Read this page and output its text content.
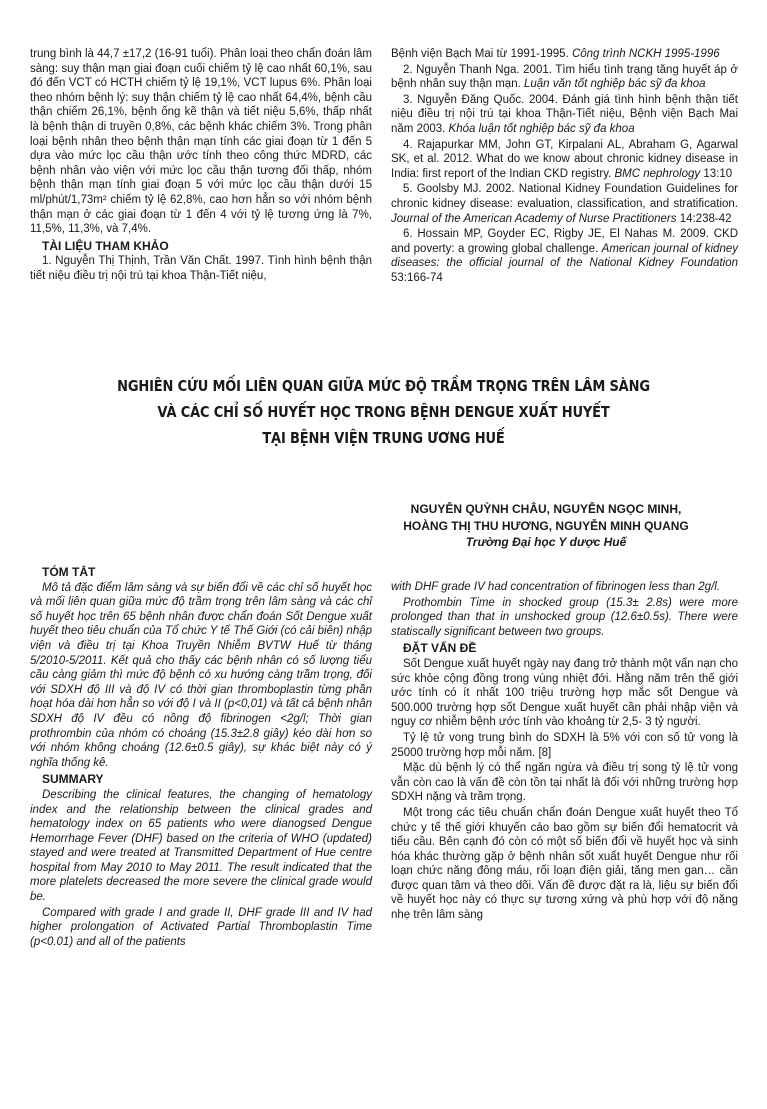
trung bình là 44,7 ±17,2 (16-91 tuổi). Phân loại theo chẩn đoán lâm sàng: suy thận mạn giai đoạn cuối chiếm tỷ lệ cao nhất 60,1%, sau đó đến VCT có HCTH chiếm tỷ lệ 19,1%, VCT lupus 6%. Phân loại theo nhóm bệnh lý: suy thận chiếm tỷ lệ cao nhất 64,4%, bệnh cầu thận chiếm 26,1%, bệnh ống kẽ thận và tiết niệu 5,6%, thấp nhất là bệnh thận di truyền 0,8%, các bệnh khác chiếm 3%. Trong phân loại bệnh nhân theo bệnh thận mạn tính các giai đoạn từ 1 đến 5 dựa vào mức lọc cầu thận ước tính theo công thức MDRD, các bệnh nhân vào viện với mức lọc cầu thận tương đối thấp, nhóm bệnh thận mạn tính giai đoạn 5 với mức lọc cầu thận dưới 15 ml/phút/1,73m² chiếm tỷ lệ 62,8%, cao hơn hẳn so với nhóm bệnh thận mạn ở các giai đoạn từ 1 đến 4 với tỷ lệ tương ứng là 7%, 11,5%, 11,3%, và 7,4%.

TÀI LIỆU THAM KHẢO

1. Nguyễn Thị Thịnh, Trần Văn Chất. 1997. Tình hình bệnh thận tiết niệu điều trị nội trú tại khoa Thận-Tiết niệu,

Bệnh viện Bạch Mai từ 1991-1995. Công trình NCKH 1995-1996

2. Nguyễn Thanh Nga. 2001. Tìm hiểu tình trạng tăng huyết áp ở bệnh nhân suy thận mạn. Luận văn tốt nghiệp bác sỹ đa khoa

3. Nguyễn Đăng Quốc. 2004. Đánh giá tình hình bệnh thận tiết niệu điều trị nội trú tại khoa Thận-Tiết niệu, Bệnh viện Bạch Mai năm 2003. Khóa luận tốt nghiệp bác sỹ đa khoa

4. Rajapurkar MM, John GT, Kirpalani AL, Abraham G, Agarwal SK, et al. 2012. What do we know about chronic kidney disease in India: first report of the Indian CKD registry. BMC nephrology 13:10

5. Goolsby MJ. 2002. National Kidney Foundation Guidelines for chronic kidney disease: evaluation, classification, and stratification. Journal of the American Academy of Nurse Practitioners 14:238-42

6. Hossain MP, Goyder EC, Rigby JE, El Nahas M. 2009. CKD and poverty: a growing global challenge. American journal of kidney diseases: the official journal of the National Kidney Foundation 53:166-74

NGHIÊN CỨU MỐI LIÊN QUAN GIỮA MỨC ĐỘ TRẦM TRỌNG TRÊN LÂM SÀNG
VÀ CÁC CHỈ SỐ HUYẾT HỌC TRONG BỆNH DENGUE XUẤT HUYẾT
TẠI BỆNH VIỆN TRUNG ƯƠNG HUẾ
NGUYỄN QUỲNH CHÂU, NGUYỄN NGỌC MINH,
HOÀNG THỊ THU HƯƠNG, NGUYỄN MINH QUANG
Trường Đại học Y dược Huế

TÓM TẮT

Mô tả đặc điểm lâm sàng và sự biến đổi về các chỉ số huyết học và mối liên quan giữa mức độ trầm trọng trên lâm sàng và các chỉ số huyết học trên 65 bệnh nhân được chẩn đoán Sốt Dengue xuất huyết theo tiêu chuẩn của Tổ chức Y tế Thế Giới (có cải biên) nhập viện và điều trị tại Khoa Truyền Nhiễm BVTW Huế từ tháng 5/2010-5/2011. Kết quả cho thấy các bệnh nhân có số lượng tiểu cầu càng giảm thì mức độ bệnh có xu hướng càng trầm trọng, đối với SDXH độ III và độ IV có thời gian thromboplastin từng phần hoạt hóa dài hơn hẳn so với độ I và II (p<0,01) và tất cả bệnh nhân SDXH độ IV đều có nồng độ fibrinogen <2g/l; Thời gian prothrombin của nhóm có choáng (15.3±2.8 giây) kéo dài hơn so với nhóm không choáng (12.6±0.5 giây), sự khác biệt này có ý nghĩa thống kê.

SUMMARY

Describing the clinical features, the changing of hematology index and the relationship between the clinical grades and hematology index on 65 patients who were dianogsed Dengue Hemorrhage Fever (DHF) based on the criteria of WHO (updated) stayed and were treated at Transmitted Department of Hue centre hospital from May 2010 to May 2011. The result indicated that the more platelets decreased the more severe the clinical grade would be.

Compared with grade I and grade II, DHF grade III and IV had higher prolongation of Activated Partial Thromboplastin Time (p<0.01) and all of the patients

with DHF grade IV had concentration of fibrinogen less than 2g/l.

Prothombin Time in shocked group (15.3± 2.8s) were more prolonged than that in unshocked group (12.6±0.5s). There were statiscally significant between two groups.

ĐẶT VẤN ĐỀ

Sốt Dengue xuất huyết ngày nay đang trở thành một vấn nạn cho sức khỏe cộng đồng trong vùng nhiệt đới. Hằng năm trên thế giới ước tính có ít nhất 100 triệu trường hợp mắc sốt Dengue và 500.000 trường hợp sốt Dengue xuất huyết cần phải nhập viện và nguy cơ nhiễm bệnh ước tính vào khoảng từ 2,5- 3 tỷ người.

Tỷ lệ tử vong trung bình do SDXH là 5% với con số tử vong là 25000 trường hợp mỗi năm. [8]

Mặc dù bệnh lý có thể ngăn ngừa và điều trị song tỷ lệ tử vong vẫn còn cao là vấn đề còn tồn tại nhất là đối với những trường hợp SDXH nặng và trầm trọng.

Một trong các tiêu chuẩn chẩn đoán Dengue xuất huyết theo Tổ chức y tế thế giới khuyến cáo bao gồm sự biến đổi hematocrit và tiểu cầu. Bên cạnh đó còn có một số biến đổi về huyết học và sinh hóa khác thường gặp ở bệnh nhân sốt xuất huyết Dengue như rối loạn chức năng đông máu, rối loạn điện giải, tăng men gan… cần được quan tâm và theo dõi. Vấn đề được đặt ra là, liệu sự biến đổi về huyết học này có thực sự tương xứng và phù hợp với độ nặng nhẹ trên lâm sàng
